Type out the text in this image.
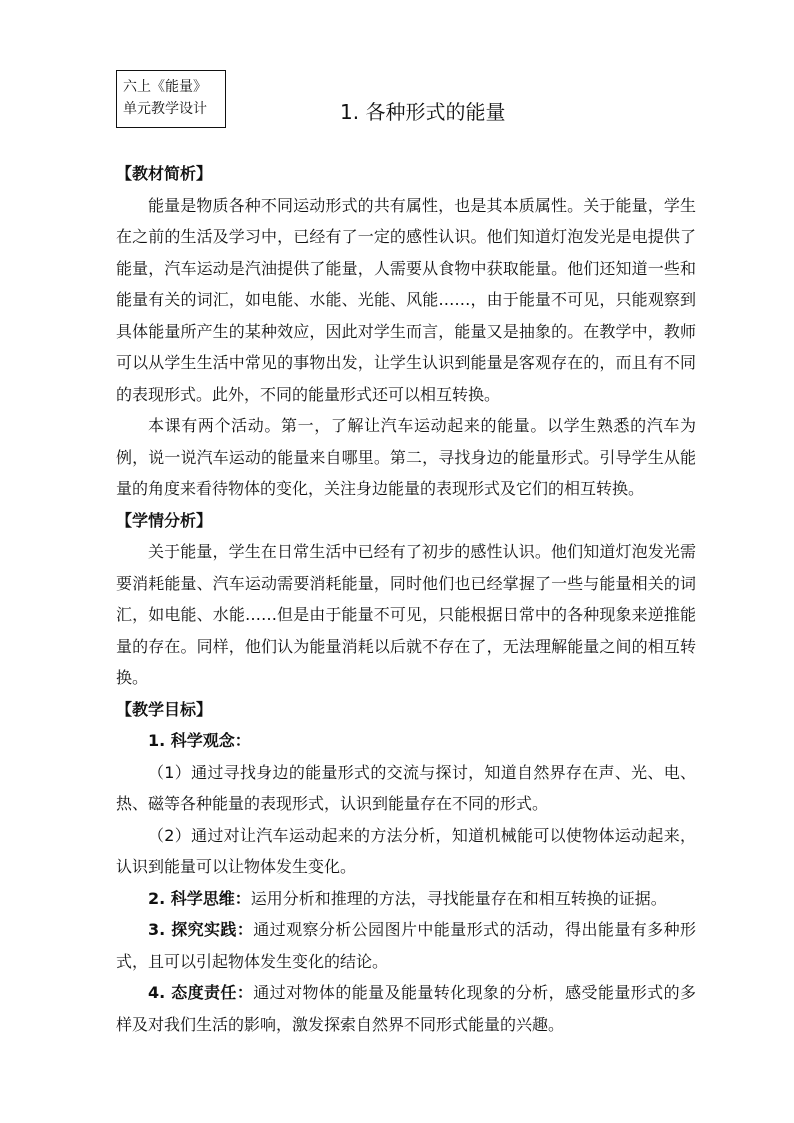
六上《能量》
单元教学设计	1. 各种形式的能量

【教材简析】

能量是物质各种不同运动形式的共有属性，也是其本质属性。关于能量，学生在之前的生活及学习中，已经有了一定的感性认识。他们知道灯泡发光是电提供了能量，汽车运动是汽油提供了能量，人需要从食物中获取能量。他们还知道一些和能量有关的词汇，如电能、水能、光能、风能……，由于能量不可见，只能观察到具体能量所产生的某种效应，因此对学生而言，能量又是抽象的。在教学中，教师可以从学生生活中常见的事物出发，让学生认识到能量是客观存在的，而且有不同的表现形式。此外，不同的能量形式还可以相互转换。

本课有两个活动。第一，了解让汽车运动起来的能量。以学生熟悉的汽车为例，说一说汽车运动的能量来自哪里。第二，寻找身边的能量形式。引导学生从能量的角度来看待物体的变化，关注身边能量的表现形式及它们的相互转换。

【学情分析】

关于能量，学生在日常生活中已经有了初步的感性认识。他们知道灯泡发光需要消耗能量、汽车运动需要消耗能量，同时他们也已经掌握了一些与能量相关的词汇，如电能、水能……但是由于能量不可见，只能根据日常中的各种现象来逆推能量的存在。同样，他们认为能量消耗以后就不存在了，无法理解能量之间的相互转换。

【教学目标】

1. 科学观念：

（1）通过寻找身边的能量形式的交流与探讨，知道自然界存在声、光、电、热、磁等各种能量的表现形式，认识到能量存在不同的形式。

（2）通过对让汽车运动起来的方法分析，知道机械能可以使物体运动起来，认识到能量可以让物体发生变化。

2. 科学思维：运用分析和推理的方法，寻找能量存在和相互转换的证据。

3. 探究实践：通过观察分析公园图片中能量形式的活动，得出能量有多种形式，且可以引起物体发生变化的结论。

4. 态度责任：通过对物体的能量及能量转化现象的分析，感受能量形式的多样及对我们生活的影响，激发探索自然界不同形式能量的兴趣。
